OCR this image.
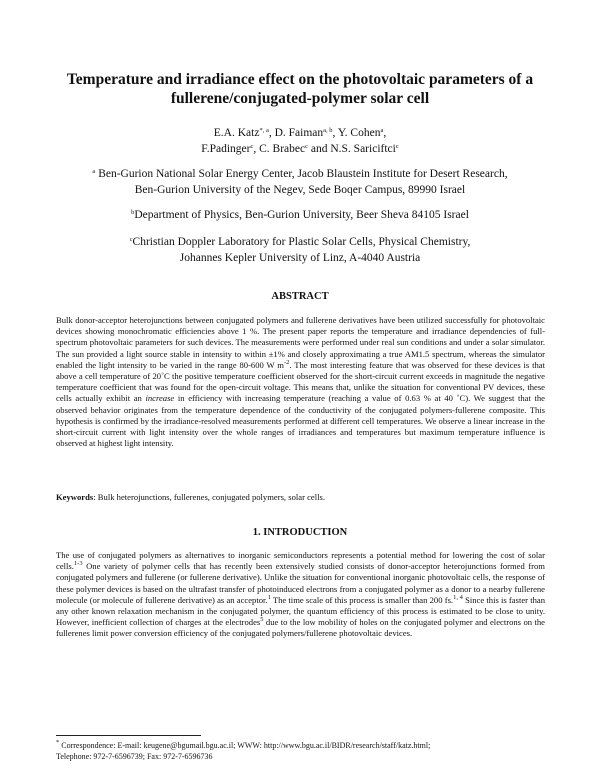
Temperature and irradiance effect on the photovoltaic parameters of a fullerene/conjugated-polymer solar cell
E.A. Katz$^{*, a}$, D. Faiman$^{a, b}$, Y. Cohen$^a$,
F.Padinger$^c$, C. Brabec$^c$ and N.S. Sariciftci$^c$
$^a$ Ben-Gurion National Solar Energy Center, Jacob Blaustein Institute for Desert Research,
Ben-Gurion University of the Negev, Sede Boqer Campus, 89990 Israel
$^b$Department of Physics, Ben-Gurion University, Beer Sheva 84105 Israel
$^c$Christian Doppler Laboratory for Plastic Solar Cells, Physical Chemistry,
Johannes Kepler University of Linz, A-4040 Austria
ABSTRACT

Bulk donor-acceptor heterojunctions between conjugated polymers and fullerene derivatives have been utilized successfully for photovoltaic devices showing monochromatic efficiencies above 1 %. The present paper reports the temperature and irradiance dependencies of full-spectrum photovoltaic parameters for such devices. The measurements were performed under real sun conditions and under a solar simulator. The sun provided a light source stable in intensity to within ±1% and closely approximating a true AM1.5 spectrum, whereas the simulator enabled the light intensity to be varied in the range 80-600 W $m^{-2}$. The most interesting feature that was observed for these devices is that above a cell temperature of 20˚C the positive temperature coefficient observed for the short-circuit current exceeds in magnitude the negative temperature coefficient that was found for the open-circuit voltage. This means that, unlike the situation for conventional PV devices, these cells actually exhibit an increase in efficiency with increasing temperature (reaching a value of 0.63 % at 40 ˚C). We suggest that the observed behavior originates from the temperature dependence of the conductivity of the conjugated polymers-fullerene composite. This hypothesis is confirmed by the irradiance-resolved measurements performed at different cell temperatures. We observe a linear increase in the short-circuit current with light intensity over the whole ranges of irradiances and temperatures but maximum temperature influence is observed at highest light intensity.

Keywords: Bulk heterojunctions, fullerenes, conjugated polymers, solar cells.

1. INTRODUCTION

The use of conjugated polymers as alternatives to inorganic semiconductors represents a potential method for lowering the cost of solar cells.$^{1-3}$ One variety of polymer cells that has recently been extensively studied consists of donor-acceptor heterojunctions formed from conjugated polymers and fullerene (or fullerene derivative). Unlike the situation for conventional inorganic photovoltaic cells, the response of these polymer devices is based on the ultrafast transfer of photoinduced electrons from a conjugated polymer as a donor to a nearby fullerene molecule (or molecule of fullerene derivative) as an acceptor.$^1$ The time scale of this process is smaller than 200 fs.$^{1, 4}$ Since this is faster than any other known relaxation mechanism in the conjugated polymer, the quantum efficiency of this process is estimated to be close to unity. However, inefficient collection of charges at the electrodes$^5$ due to the low mobility of holes on the conjugated polymer and electrons on the fullerenes limit power conversion efficiency of the conjugated polymers/fullerene photovoltaic devices.

* Correspondence: E-mail: keugene@bgumail.bgu.ac.il; WWW: http://www.bgu.ac.il/BIDR/research/staff/katz.html;
Telephone: 972-7-6596739; Fax: 972-7-6596736
